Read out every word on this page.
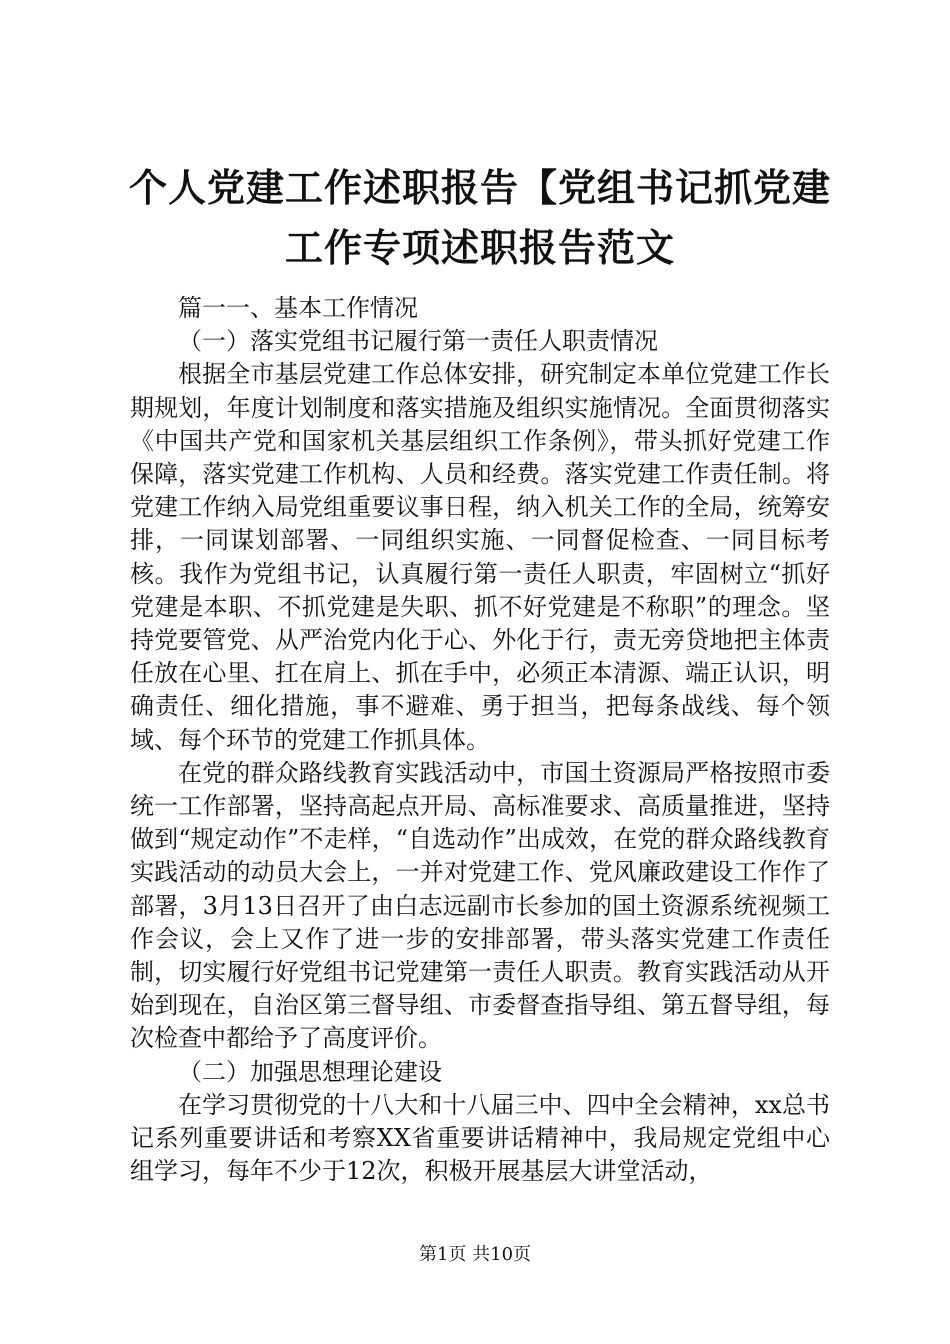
个人党建工作述职报告【党组书记抓党建工作专项述职报告范文

篇一一、基本工作情况

（一）落实党组书记履行第一责任人职责情况

根据全市基层党建工作总体安排，研究制定本单位党建工作长期规划，年度计划制度和落实措施及组织实施情况。全面贯彻落实《中国共产党和国家机关基层组织工作条例》，带头抓好党建工作保障，落实党建工作机构、人员和经费。落实党建工作责任制。将党建工作纳入局党组重要议事日程，纳入机关工作的全局，统筹安排，一同谋划部署、一同组织实施、一同督促检查、一同目标考核。我作为党组书记，认真履行第一责任人职责，牢固树立“抓好党建是本职、不抓党建是失职、抓不好党建是不称职”的理念。坚持党要管党、从严治党内化于心、外化于行，责无旁贷地把主体责任放在心里、扛在肩上、抓在手中，必须正本清源、端正认识，明确责任、细化措施，事不避难、勇于担当，把每条战线、每个领域、每个环节的党建工作抓具体。

在党的群众路线教育实践活动中，市国土资源局严格按照市委统一工作部署，坚持高起点开局、高标准要求、高质量推进，坚持做到“规定动作”不走样，“自选动作”出成效，在党的群众路线教育实践活动的动员大会上，一并对党建工作、党风廉政建设工作作了部署，3月13日召开了由白志远副市长参加的国土资源系统视频工作会议，会上又作了进一步的安排部署，带头落实党建工作责任制，切实履行好党组书记党建第一责任人职责。教育实践活动从开始到现在，自治区第三督导组、市委督查指导组、第五督导组，每次检查中都给予了高度评价。

（二）加强思想理论建设

在学习贯彻党的十八大和十八届三中、四中全会精神，xx总书记系列重要讲话和考察XX省重要讲话精神中，我局规定党组中心组学习，每年不少于12次，积极开展基层大讲堂活动，

第1页 共10页
